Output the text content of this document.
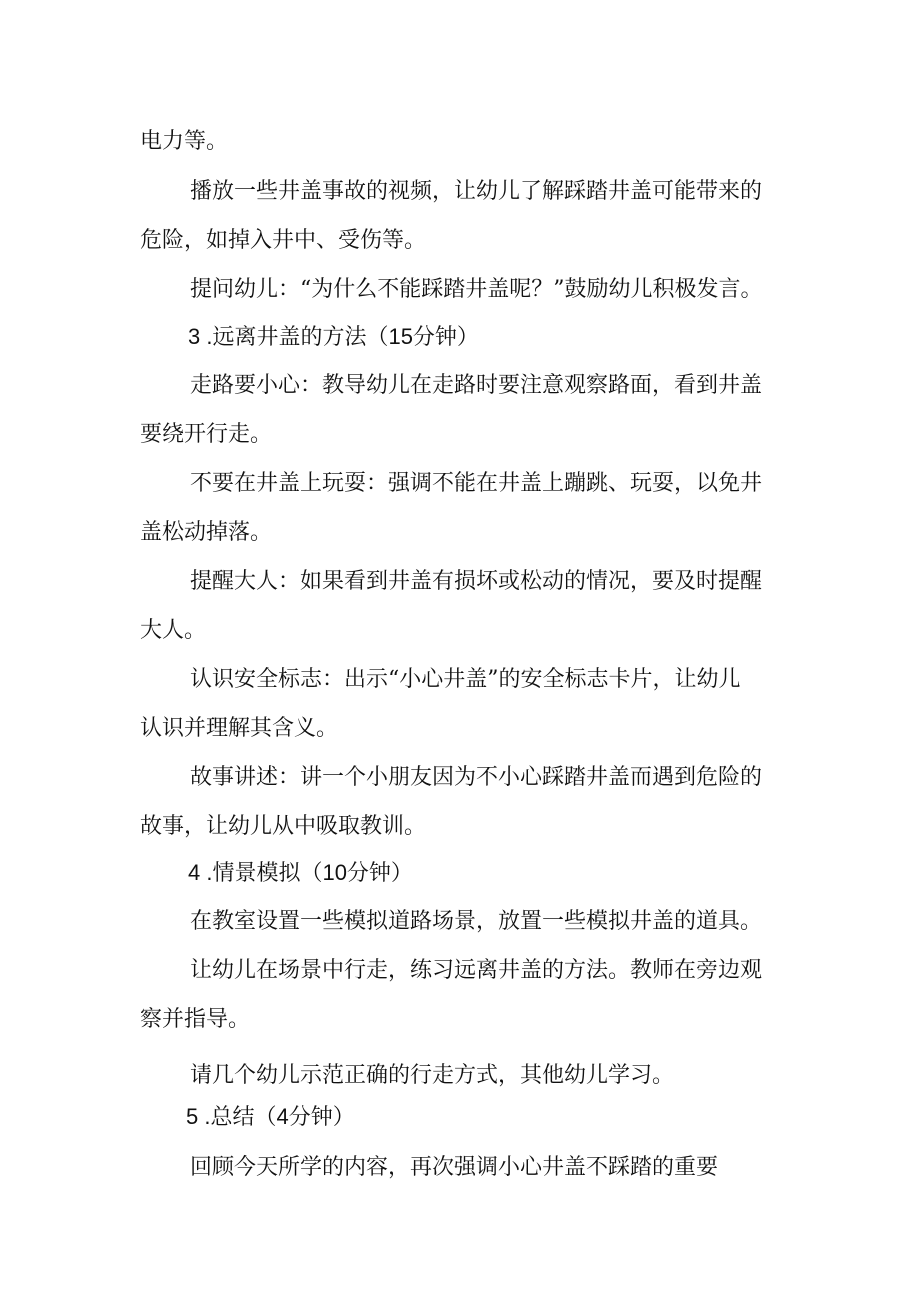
电力等。
播放一些井盖事故的视频，让幼儿了解踩踏井盖可能带来的
危险，如掉入井中、受伤等。
提问幼儿：“为什么不能踩踏井盖呢？”鼓励幼儿积极发言。
3 .远离井盖的方法（15分钟）
走路要小心：教导幼儿在走路时要注意观察路面，看到井盖
要绕开行走。
不要在井盖上玩耍：强调不能在井盖上蹦跳、玩耍，以免井
盖松动掉落。
提醒大人：如果看到井盖有损坏或松动的情况，要及时提醒
大人。
认识安全标志：出示“小心井盖”的安全标志卡片，让幼儿
认识并理解其含义。
故事讲述：讲一个小朋友因为不小心踩踏井盖而遇到危险的
故事，让幼儿从中吸取教训。
4 .情景模拟（10分钟）
在教室设置一些模拟道路场景，放置一些模拟井盖的道具。
让幼儿在场景中行走，练习远离井盖的方法。教师在旁边观
察并指导。
请几个幼儿示范正确的行走方式，其他幼儿学习。
5 .总结（4分钟）
回顾今天所学的内容，再次强调小心井盖不踩踏的重要
